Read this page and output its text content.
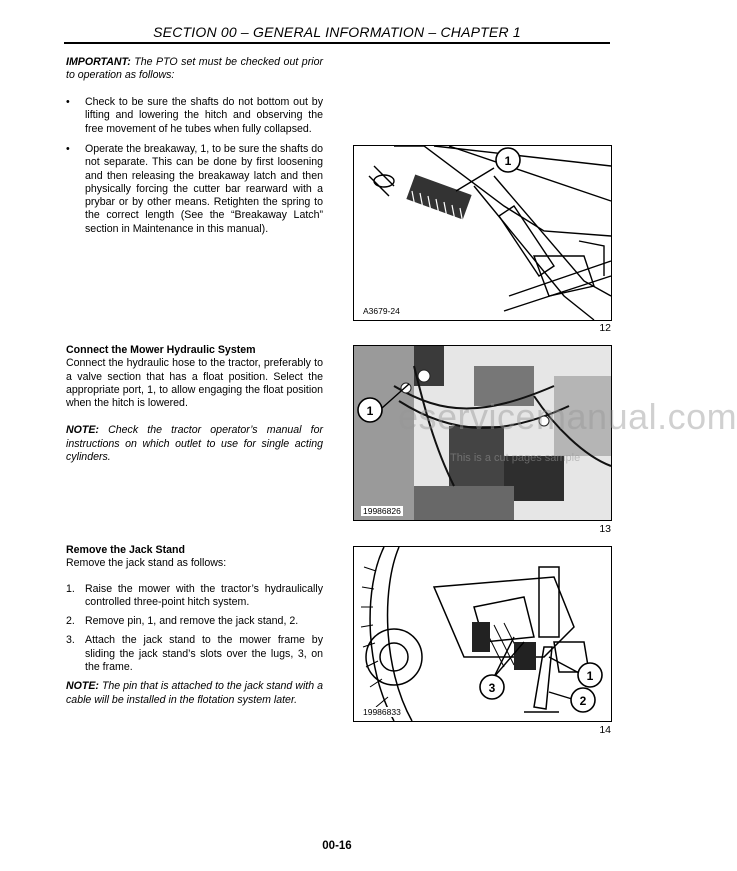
SECTION 00 – GENERAL INFORMATION – CHAPTER 1

IMPORTANT: The PTO set must be checked out prior to operation as follows:

• Check to be sure the shafts do not bottom out by lifting and lowering the hitch and observing the free movement of he tubes when fully collapsed.
• Operate the breakaway, 1, to be sure the shafts do not separate. This can be done by first loosening and then releasing the breakaway latch and then physically forcing the cutter bar rearward with a prybar or by other means. Retighten the spring to the correct length (See the “Breakaway Latch” section in Maintenance in this manual).

Connect the Mower Hydraulic System

Connect the hydraulic hose to the tractor, preferably to a valve section that has a float position. Select the appropriate port, 1, to allow engaging the float position when the hitch is lowered.

NOTE: Check the tractor operator’s manual for instructions on which outlet to use for single acting cylinders.

Remove the Jack Stand

Remove the jack stand as follows:

1. Raise the mower with the tractor’s hydraulically controlled three-point hitch system.
2. Remove pin, 1, and remove the jack stand, 2.
3. Attach the jack stand to the mower frame by sliding the jack stand’s slots over the lugs, 3, on the frame.

NOTE: The pin that is attached to the jack stand with a cable will be installed in the flotation system later.

1
A3679-24
12
1
19986826
13
eservicemanual.com
This is a cut pages sample
1
2
3
19986833
14
00-16
